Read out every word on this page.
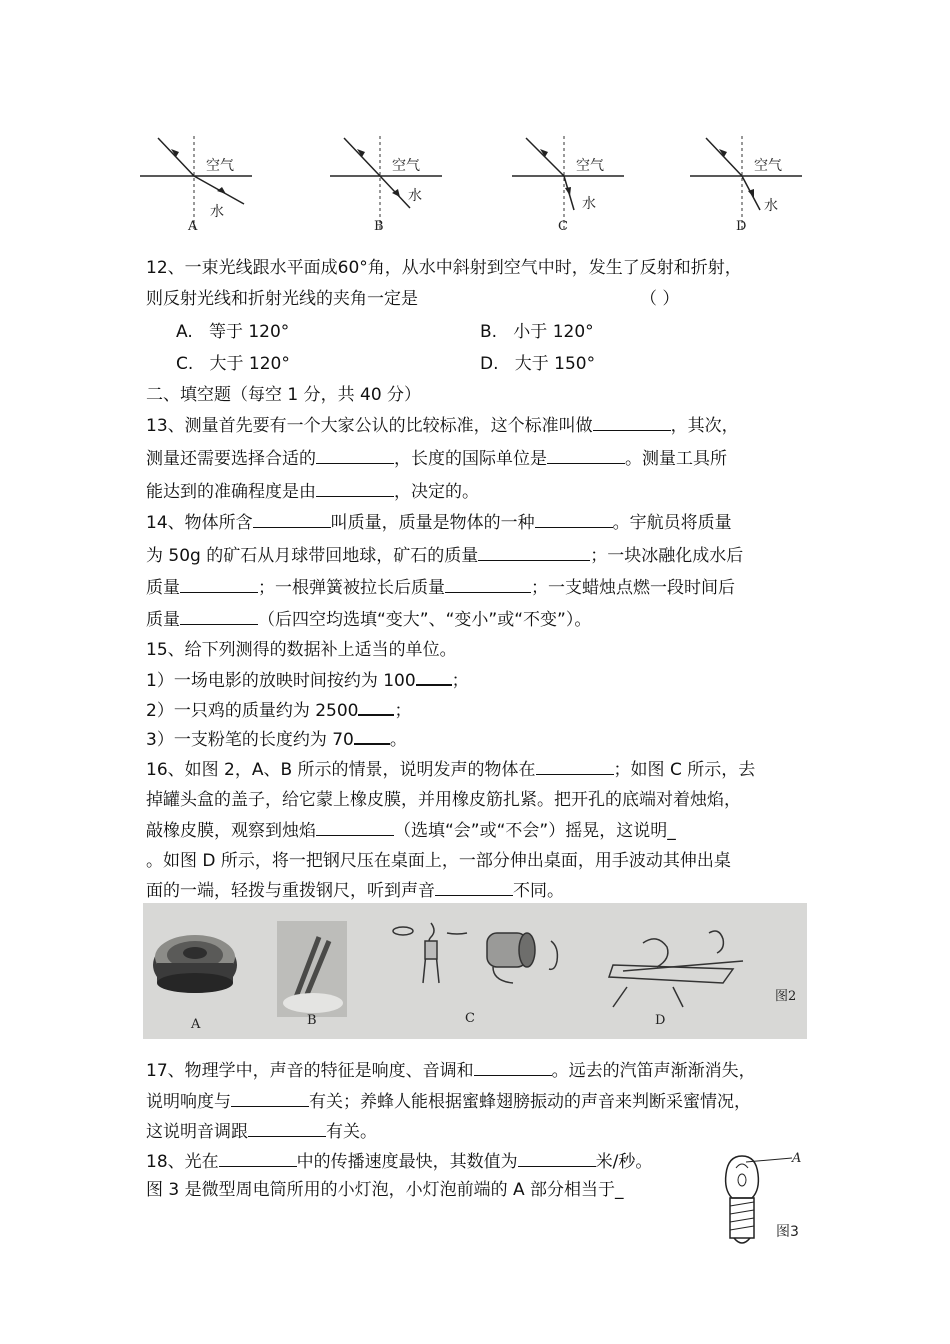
空气
水
A
空气
水
B
空气
水
C
空气
水
D
12、一束光线跟水平面成60°角，从水中斜射到空气中时，发生了反射和折射，
则反射光线和折射光线的夹角一定是	（ ）
A. 等于 120°	B. 小于 120°
C. 大于 120°	D. 大于 150°
二、填空题（每空 1 分，共 40 分）
13、测量首先要有一个大家公认的比较标准，这个标准叫做	，其次，
测量还需要选择合适的	，长度的国际单位是	。测量工具所
能达到的准确程度是由	，决定的。
14、物体所含	叫质量，质量是物体的一种	。宇航员将质量
为 50g 的矿石从月球带回地球，矿石的质量	；一块冰融化成水后
质量	；一根弹簧被拉长后质量	；一支蜡烛点燃一段时间后
质量	（后四空均选填“变大”、“变小”或“不变”）。
15、给下列测得的数据补上适当的单位。
1）一场电影的放映时间按约为 100 ；
2）一只鸡的质量约为 2500 ；
3）一支粉笔的长度约为 70 。
16、如图 2，A、B 所示的情景，说明发声的物体在	；如图 C 所示，去
掉罐头盒的盖子，给它蒙上橡皮膜，并用橡皮筋扎紧。把开孔的底端对着烛焰，
敲橡皮膜，观察到烛焰	（选填“会”或“不会”）摇晃，这说明_
。如图 D 所示，将一把钢尺压在桌面上，一部分伸出桌面，用手波动其伸出桌
面的一端，轻拨与重拨钢尺，听到声音	不同。
A	B	C	D
图2
17、物理学中，声音的特征是响度、音调和	。远去的汽笛声渐渐消失，
说明响度与	有关；养蜂人能根据蜜蜂翅膀振动的声音来判断采蜜情况，
这说明音调跟	有关。
18、光在	中的传播速度最快，其数值为	米/秒。
图 3 是微型周电筒所用的小灯泡，小灯泡前端的 A 部分相当于_
A
图3
